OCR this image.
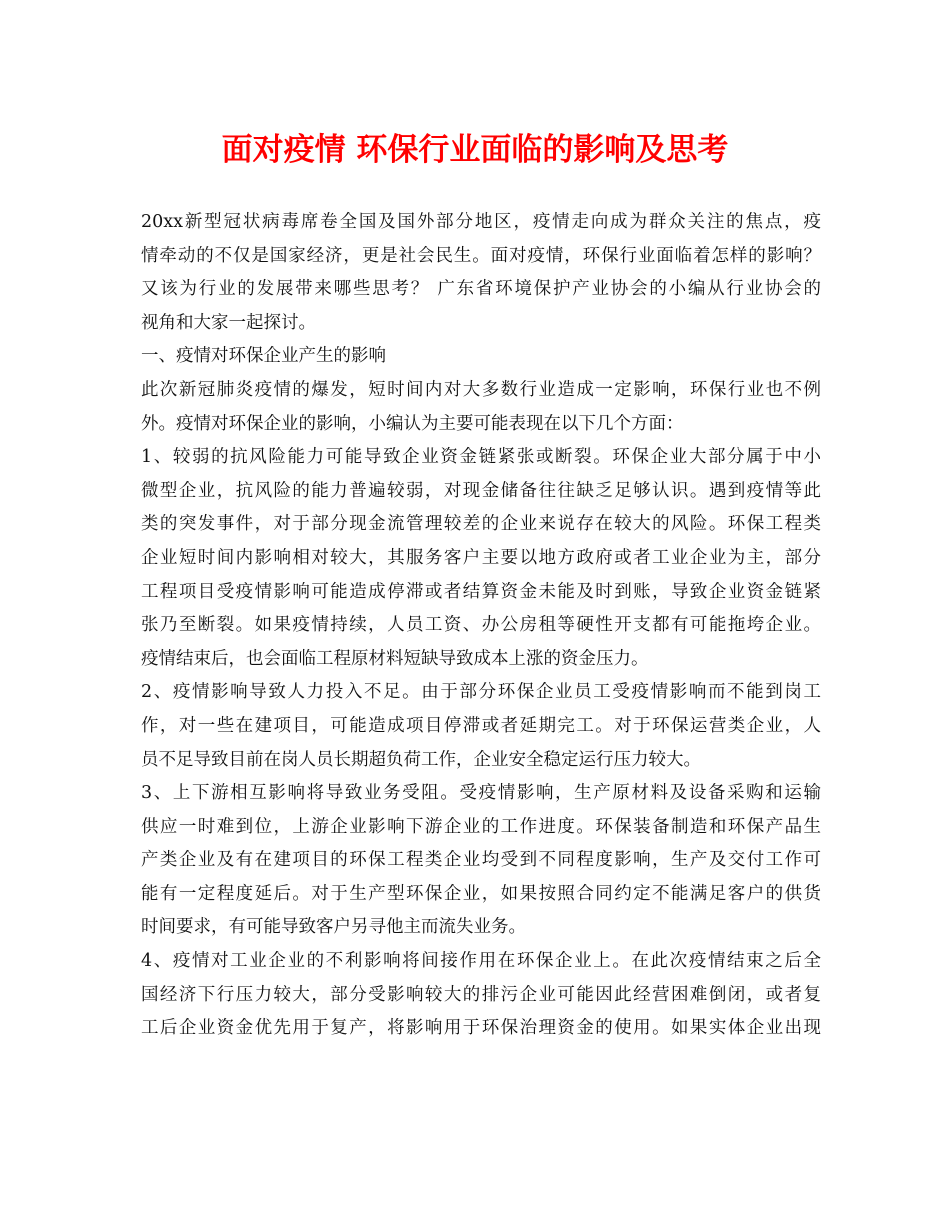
面对疫情 环保行业面临的影响及思考
20xx新型冠状病毒席卷全国及国外部分地区，疫情走向成为群众关注的焦点，疫
情牵动的不仅是国家经济，更是社会民生。面对疫情，环保行业面临着怎样的影响？
又该为行业的发展带来哪些思考？ 广东省环境保护产业协会的小编从行业协会的
视角和大家一起探讨。
一、疫情对环保企业产生的影响
此次新冠肺炎疫情的爆发，短时间内对大多数行业造成一定影响，环保行业也不例
外。疫情对环保企业的影响，小编认为主要可能表现在以下几个方面：
1、较弱的抗风险能力可能导致企业资金链紧张或断裂。环保企业大部分属于中小
微型企业，抗风险的能力普遍较弱，对现金储备往往缺乏足够认识。遇到疫情等此
类的突发事件，对于部分现金流管理较差的企业来说存在较大的风险。环保工程类
企业短时间内影响相对较大，其服务客户主要以地方政府或者工业企业为主，部分
工程项目受疫情影响可能造成停滞或者结算资金未能及时到账，导致企业资金链紧
张乃至断裂。如果疫情持续，人员工资、办公房租等硬性开支都有可能拖垮企业。
疫情结束后，也会面临工程原材料短缺导致成本上涨的资金压力。
2、疫情影响导致人力投入不足。由于部分环保企业员工受疫情影响而不能到岗工
作，对一些在建项目，可能造成项目停滞或者延期完工。对于环保运营类企业，人
员不足导致目前在岗人员长期超负荷工作，企业安全稳定运行压力较大。
3、上下游相互影响将导致业务受阻。受疫情影响，生产原材料及设备采购和运输
供应一时难到位，上游企业影响下游企业的工作进度。环保装备制造和环保产品生
产类企业及有在建项目的环保工程类企业均受到不同程度影响，生产及交付工作可
能有一定程度延后。对于生产型环保企业，如果按照合同约定不能满足客户的供货
时间要求，有可能导致客户另寻他主而流失业务。
4、疫情对工业企业的不利影响将间接作用在环保企业上。在此次疫情结束之后全
国经济下行压力较大，部分受影响较大的排污企业可能因此经营困难倒闭，或者复
工后企业资金优先用于复产，将影响用于环保治理资金的使用。如果实体企业出现
